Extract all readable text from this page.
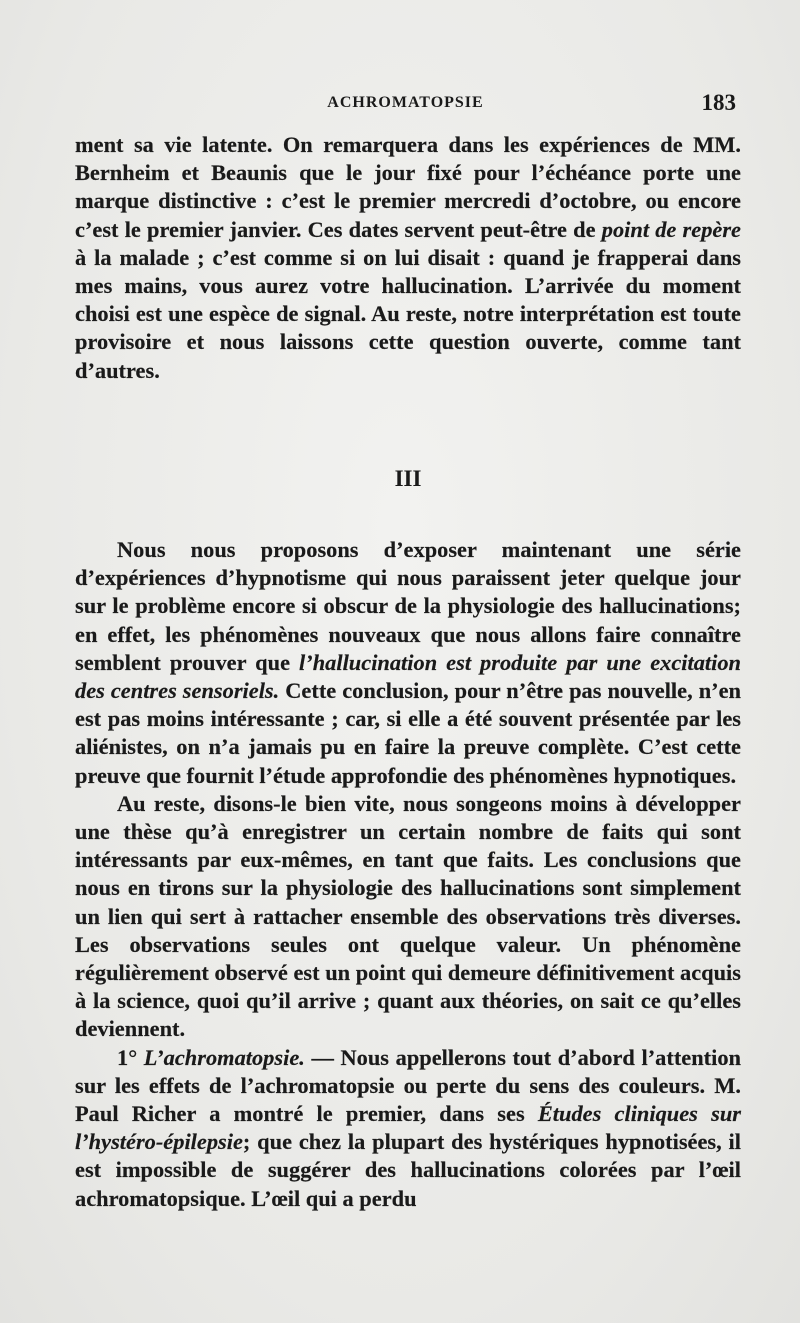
ACHROMATOPSIE	183

ment sa vie latente. On remarquera dans les expériences de MM. Bernheim et Beaunis que le jour fixé pour l’échéance porte une marque distinctive : c’est le premier mercredi d’octobre, ou encore c’est le premier janvier. Ces dates servent peut-être de point de repère à la malade ; c’est comme si on lui disait : quand je frapperai dans mes mains, vous aurez votre hallucination. L’arrivée du moment choisi est une espèce de signal. Au reste, notre interprétation est toute provisoire et nous laissons cette question ouverte, comme tant d’autres.

III

Nous nous proposons d’exposer maintenant une série d’expériences d’hypnotisme qui nous paraissent jeter quelque jour sur le problème encore si obscur de la physiologie des hallucinations; en effet, les phénomènes nouveaux que nous allons faire connaître semblent prouver que l’hallucination est produite par une excitation des centres sensoriels. Cette conclusion, pour n’être pas nouvelle, n’en est pas moins intéressante ; car, si elle a été souvent présentée par les aliénistes, on n’a jamais pu en faire la preuve complète. C’est cette preuve que fournit l’étude approfondie des phénomènes hypnotiques.

Au reste, disons-le bien vite, nous songeons moins à développer une thèse qu’à enregistrer un certain nombre de faits qui sont intéressants par eux-mêmes, en tant que faits. Les conclusions que nous en tirons sur la physiologie des hallucinations sont simplement un lien qui sert à rattacher ensemble des observations très diverses. Les observations seules ont quelque valeur. Un phénomène régulièrement observé est un point qui demeure définitivement acquis à la science, quoi qu’il arrive ; quant aux théories, on sait ce qu’elles deviennent.

1° L’achromatopsie. — Nous appellerons tout d’abord l’attention sur les effets de l’achromatopsie ou perte du sens des couleurs. M. Paul Richer a montré le premier, dans ses Études cliniques sur l’hystéro-épilepsie; que chez la plupart des hystériques hypnotisées, il est impossible de suggérer des hallucinations colorées par l’œil achromatopsique. L’œil qui a perdu
